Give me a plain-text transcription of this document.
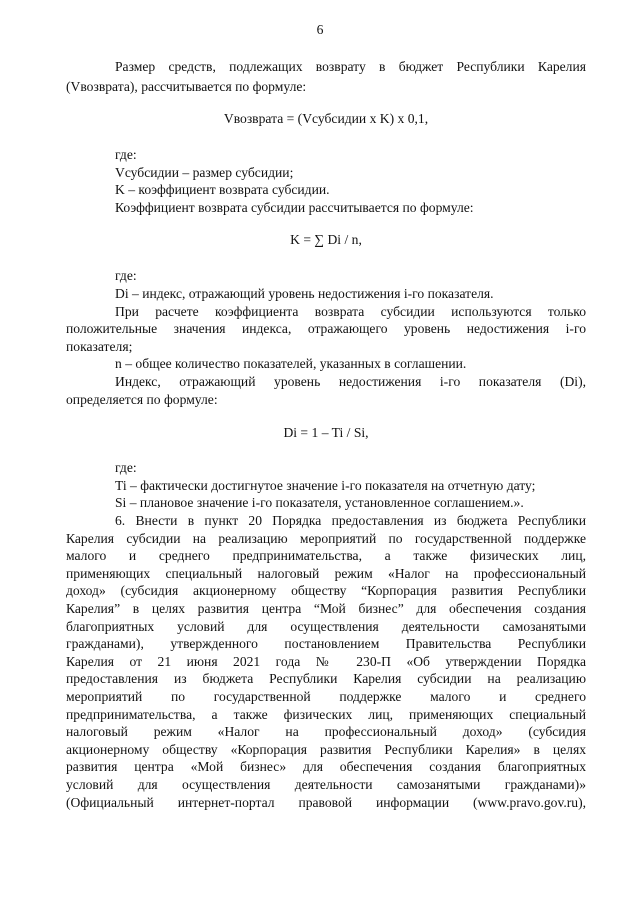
6
Размер средств, подлежащих возврату в бюджет Республики Карелия
(Vвозврата), рассчитывается по формуле:
Vвозврата = (Vсубсидии x K) x 0,1,
где:
Vсубсидии – размер субсидии;
K – коэффициент возврата субсидии.
Коэффициент возврата субсидии рассчитывается по формуле:
K = ∑ Di / n,
где:
Di – индекс, отражающий уровень недостижения i-го показателя.
При расчете коэффициента возврата субсидии используются только
положительные значения индекса, отражающего уровень недостижения i-го
показателя;
n – общее количество показателей, указанных в соглашении.
Индекс, отражающий уровень недостижения i-го показателя (Di),
определяется по формуле:
Di = 1 – Ti / Si,
где:
Ti – фактически достигнутое значение i-го показателя на отчетную дату;
Si – плановое значение i-го показателя, установленное соглашением.».
6. Внести в пункт 20 Порядка предоставления из бюджета Республики
Карелия субсидии на реализацию мероприятий по государственной поддержке
малого и среднего предпринимательства, а также физических лиц,
применяющих специальный налоговый режим «Налог на профессиональный
доход» (субсидия акционерному обществу “Корпорация развития Республики
Карелия” в целях развития центра “Мой бизнес” для обеспечения создания
благоприятных условий для осуществления деятельности самозанятыми
гражданами), утвержденного постановлением Правительства Республики
Карелия от 21 июня 2021 года № 230-П «Об утверждении Порядка
предоставления из бюджета Республики Карелия субсидии на реализацию
мероприятий по государственной поддержке малого и среднего
предпринимательства, а также физических лиц, применяющих специальный
налоговый режим «Налог на профессиональный доход» (субсидия
акционерному обществу «Корпорация развития Республики Карелия» в целях
развития центра «Мой бизнес» для обеспечения создания благоприятных
условий для осуществления деятельности самозанятыми гражданами)»
(Официальный интернет-портал правовой информации (www.pravo.gov.ru),
